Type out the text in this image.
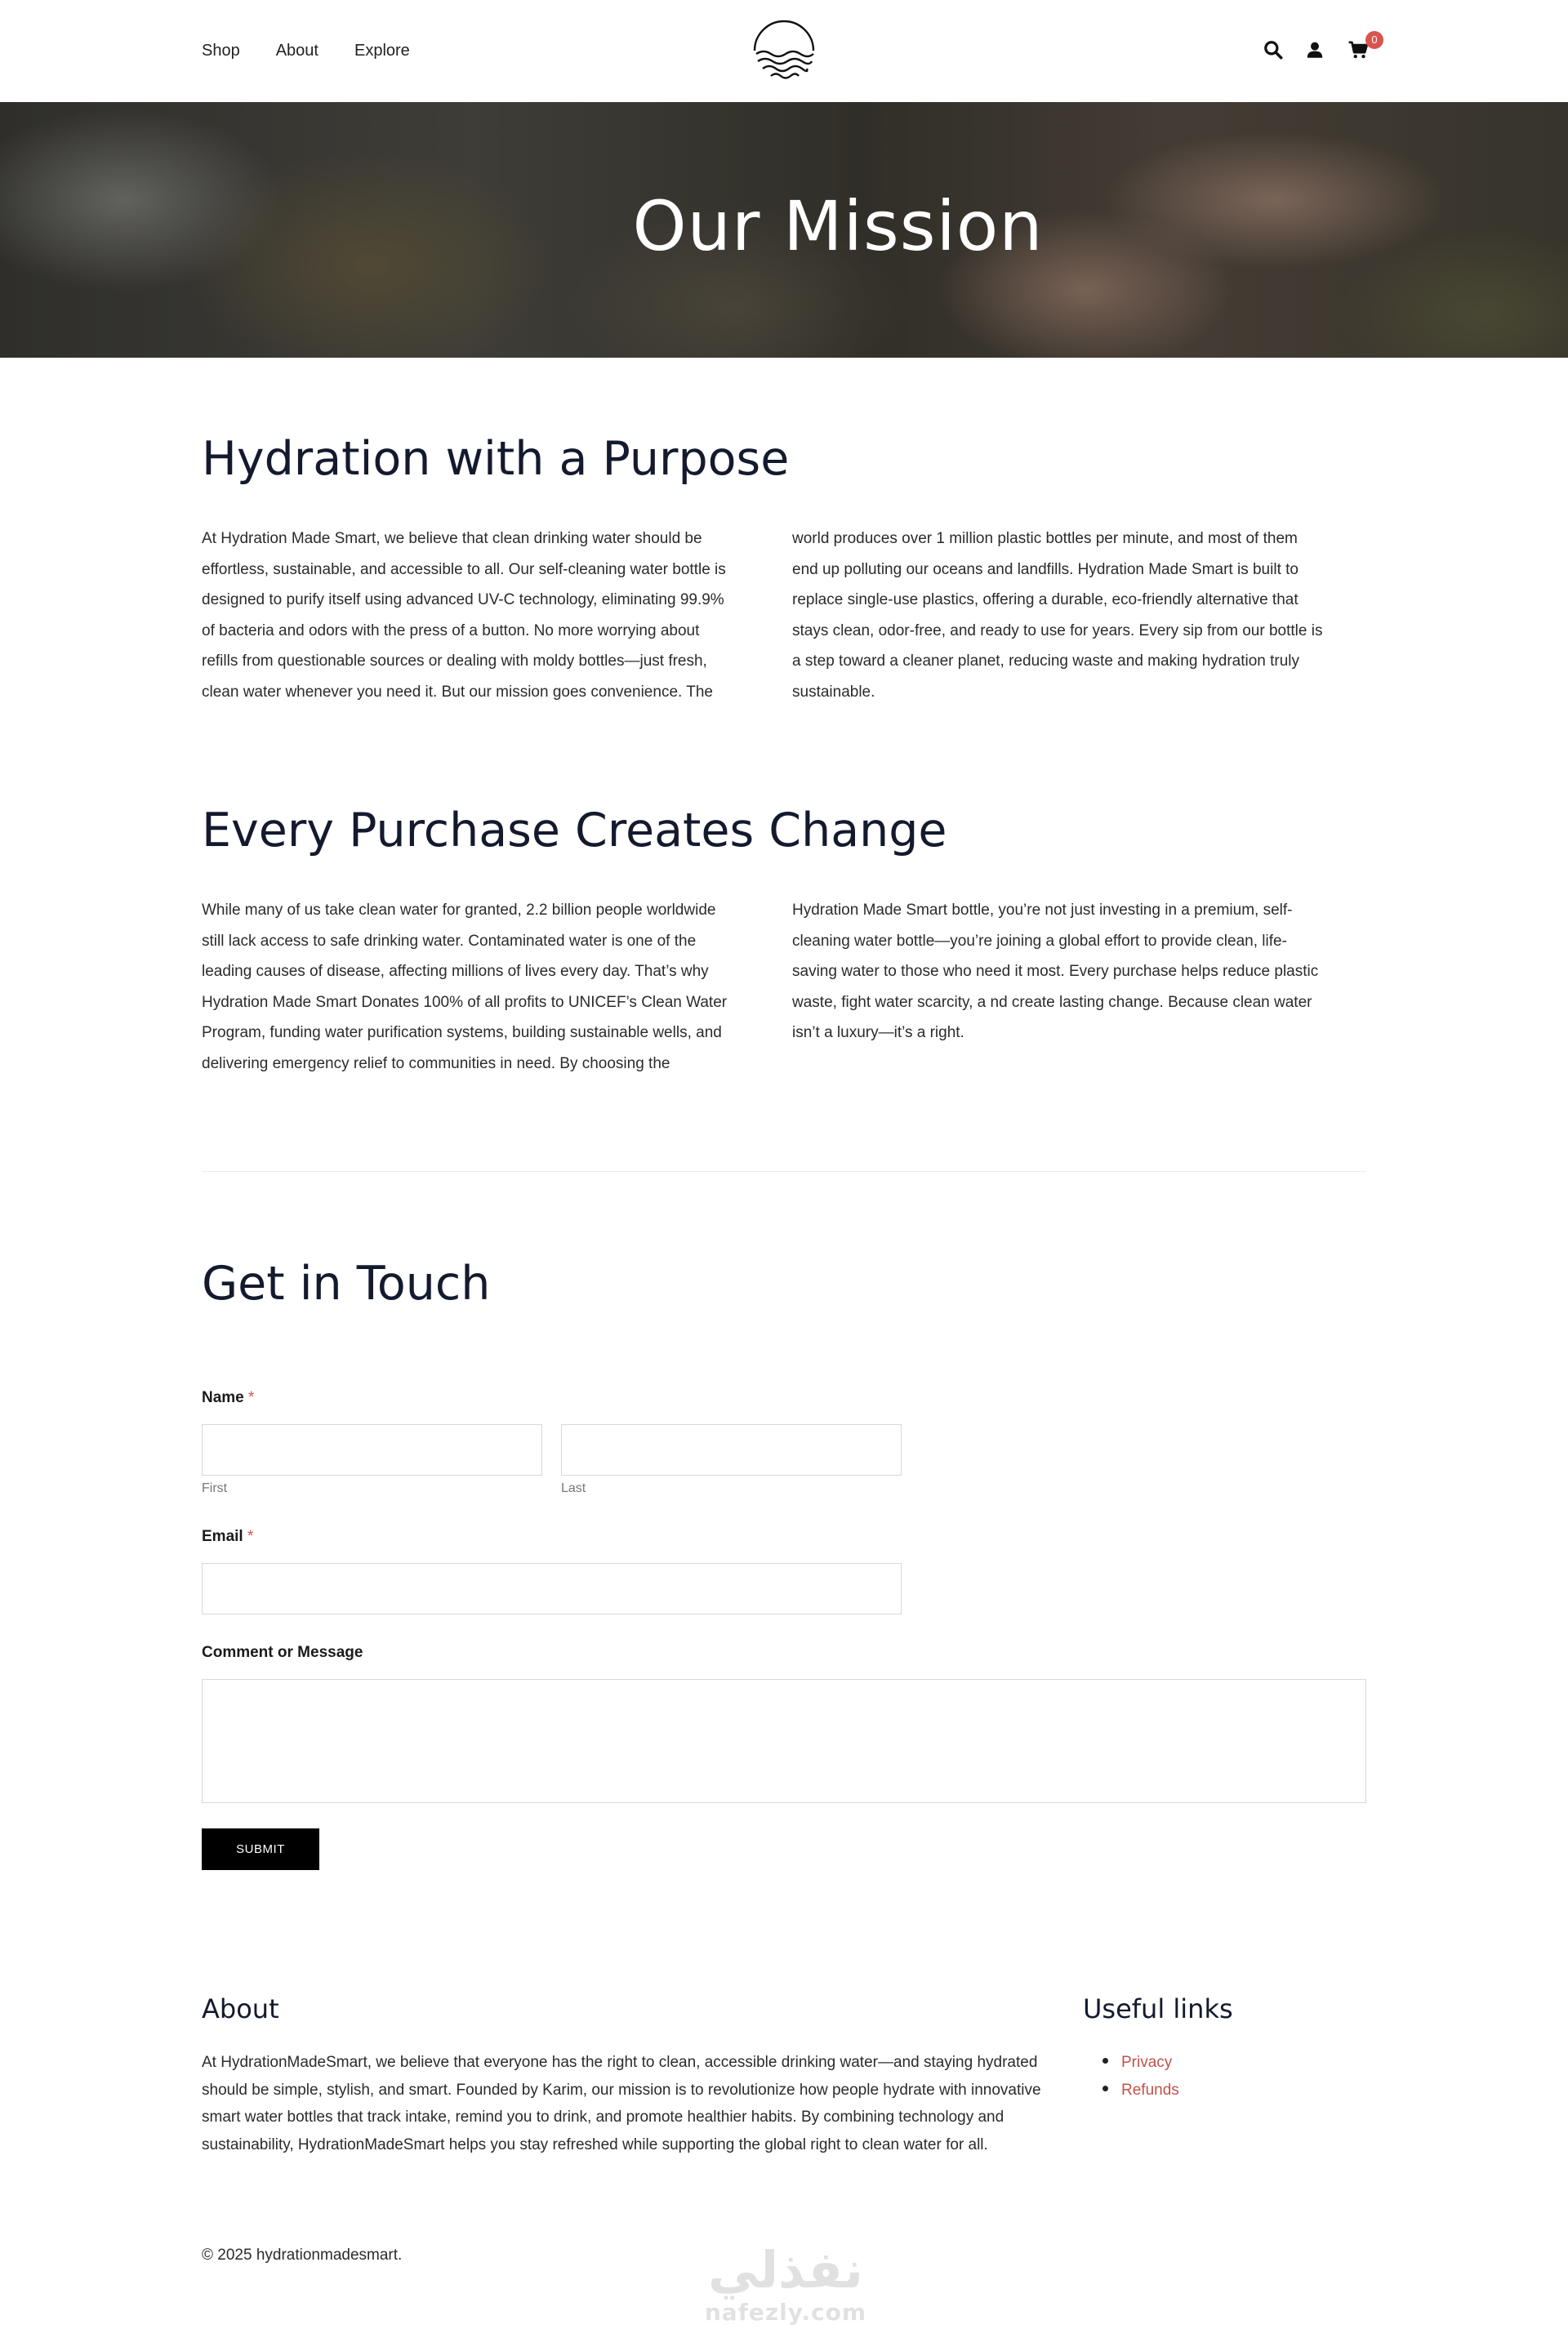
Shop About Explore
0
Our Mission
Hydration with a Purpose
At Hydration Made Smart, we believe that clean drinking water should be
effortless, sustainable, and accessible to all. Our self-cleaning water bottle is
designed to purify itself using advanced UV-C technology, eliminating 99.9%
of bacteria and odors with the press of a button. No more worrying about
refills from questionable sources or dealing with moldy bottles—just fresh,
clean water whenever you need it. But our mission goes convenience. The
world produces over 1 million plastic bottles per minute, and most of them
end up polluting our oceans and landfills. Hydration Made Smart is built to
replace single-use plastics, offering a durable, eco-friendly alternative that
stays clean, odor-free, and ready to use for years. Every sip from our bottle is
a step toward a cleaner planet, reducing waste and making hydration truly
sustainable.
Every Purchase Creates Change
While many of us take clean water for granted, 2.2 billion people worldwide
still lack access to safe drinking water. Contaminated water is one of the
leading causes of disease, affecting millions of lives every day. That’s why
Hydration Made Smart Donates 100% of all profits to UNICEF’s Clean Water
Program, funding water purification systems, building sustainable wells, and
delivering emergency relief to communities in need. By choosing the
Hydration Made Smart bottle, you’re not just investing in a premium, self-
cleaning water bottle—you’re joining a global effort to provide clean, life-
saving water to those who need it most. Every purchase helps reduce plastic
waste, fight water scarcity, a nd create lasting change. Because clean water
isn’t a luxury—it’s a right.
Get in Touch
Name *
First	Last
Email *
Comment or Message
SUBMIT
About

At HydrationMadeSmart, we believe that everyone has the right to clean, accessible drinking water—and staying hydrated should be simple, stylish, and smart. Founded by Karim, our mission is to revolutionize how people hydrate with innovative smart water bottles that track intake, remind you to drink, and promote healthier habits. By combining technology and sustainability, HydrationMadeSmart helps you stay refreshed while supporting the global right to clean water for all.

Useful links
Privacy
Refunds
© 2025 hydrationmadesmart.	نفذلي
nafezly.com
